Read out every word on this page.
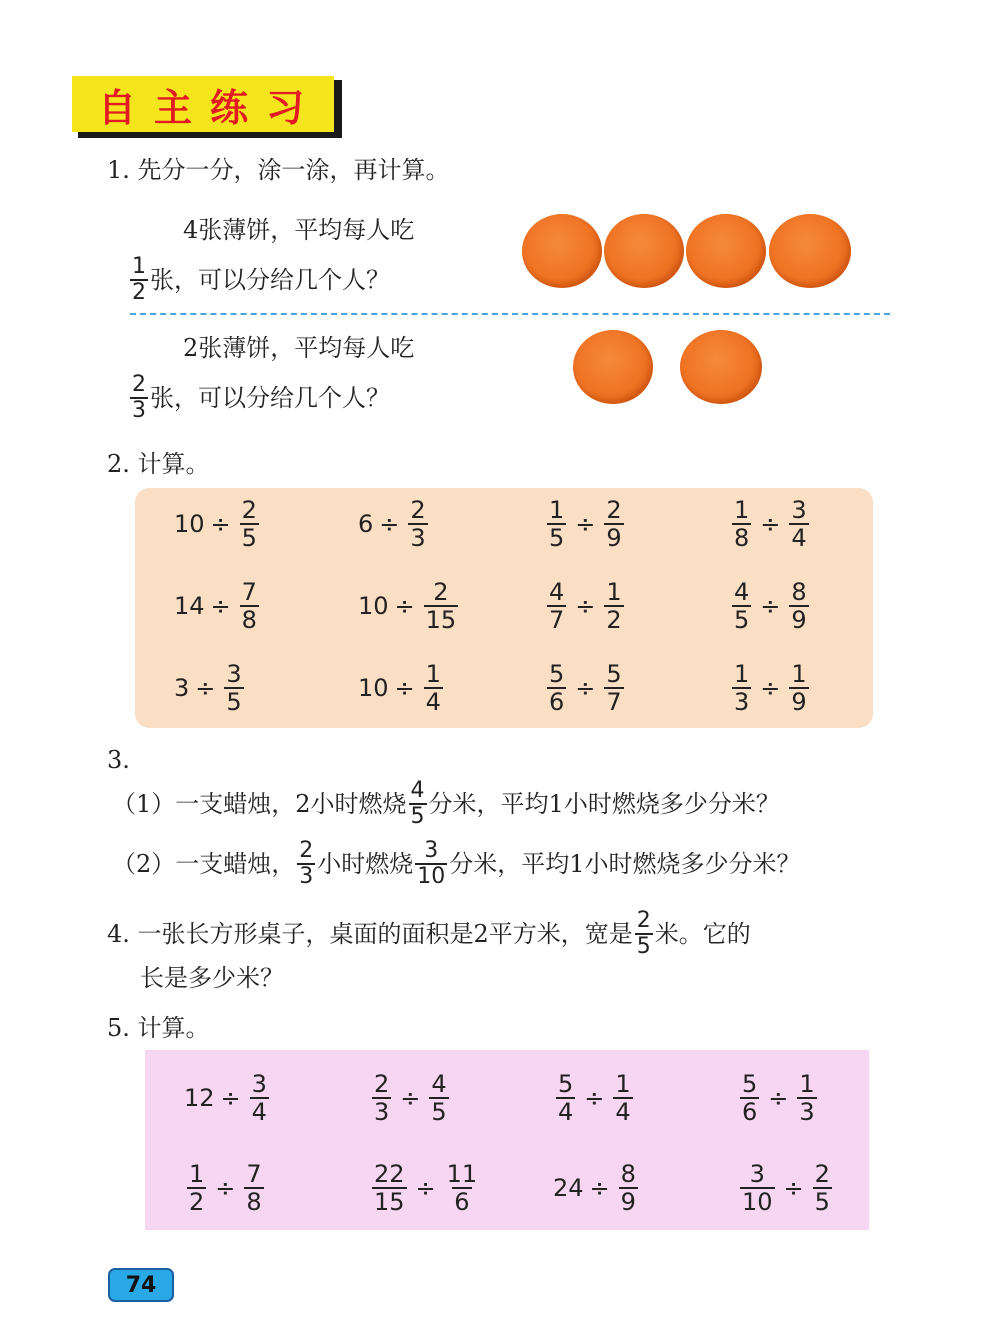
自主练习
1. 先分一分，涂一涂，再计算。
4张薄饼，平均每人吃
$\frac{1}{2}$ 张，可以分给几个人？
2张薄饼，平均每人吃
$\frac{2}{3}$ 张，可以分给几个人？
2. 计算。
3.
（1）一支蜡烛，2小时燃烧 $\frac{4}{5}$ 分米，平均1小时燃烧多少分米？
（2）一支蜡烛， $\frac{2}{3}$ 小时燃烧 $\frac{3}{10}$ 分米，平均1小时燃烧多少分米？
4. 一张长方形桌子，桌面的面积是2平方米，宽是 $\frac{2}{5}$ 米。它的
长是多少米？
5. 计算。
74
$10 \div \frac{2}{5}$	$6 \div \frac{2}{3}$	$\frac{1}{5} \div \frac{2}{9}$	$\frac{1}{8} \div \frac{3}{4}$
$14 \div \frac{7}{8}$	$10 \div \frac{2}{15}$	$\frac{4}{7} \div \frac{1}{2}$	$\frac{4}{5} \div \frac{8}{9}$
$3 \div \frac{3}{5}$	$10 \div \frac{1}{4}$	$\frac{5}{6} \div \frac{5}{7}$	$\frac{1}{3} \div \frac{1}{9}$
$12 \div \frac{3}{4}$	$\frac{2}{3} \div \frac{4}{5}$	$\frac{5}{4} \div \frac{1}{4}$	$\frac{5}{6} \div \frac{1}{3}$
$\frac{1}{2} \div \frac{7}{8}$	$\frac{22}{15} \div \frac{11}{6}$	$24 \div \frac{8}{9}$	$\frac{3}{10} \div \frac{2}{5}$
